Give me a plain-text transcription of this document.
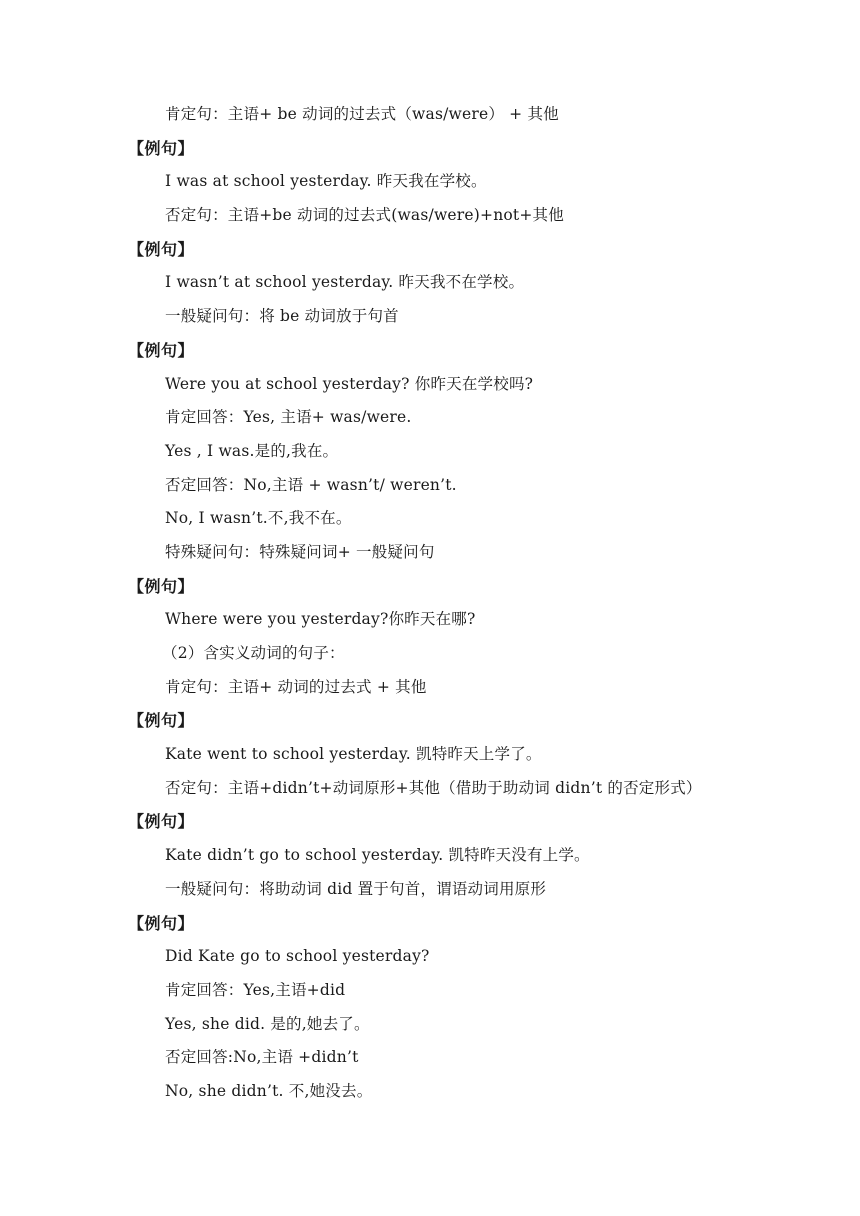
肯定句：主语+ be 动词的过去式（was/were） + 其他
【例句】
I was at school yesterday. 昨天我在学校。
否定句：主语+be 动词的过去式(was/were)+not+其他
【例句】
I wasn’t at school yesterday. 昨天我不在学校。
一般疑问句：将 be 动词放于句首
【例句】
Were you at school yesterday? 你昨天在学校吗?
肯定回答：Yes, 主语+ was/were.
Yes , I was.是的,我在。
否定回答：No,主语 + wasn’t/ weren’t.
No, I wasn’t.不,我不在。
特殊疑问句：特殊疑问词+ 一般疑问句
【例句】
Where were you yesterday?你昨天在哪?
（2）含实义动词的句子：
肯定句：主语+ 动词的过去式 + 其他
【例句】
Kate went to school yesterday. 凯特昨天上学了。
否定句：主语+didn’t+动词原形+其他（借助于助动词 didn’t 的否定形式）
【例句】
Kate didn’t go to school yesterday. 凯特昨天没有上学。
一般疑问句：将助动词 did 置于句首，谓语动词用原形
【例句】
Did Kate go to school yesterday?
肯定回答：Yes,主语+did
Yes, she did. 是的,她去了。
否定回答:No,主语 +didn’t
No, she didn’t. 不,她没去。
